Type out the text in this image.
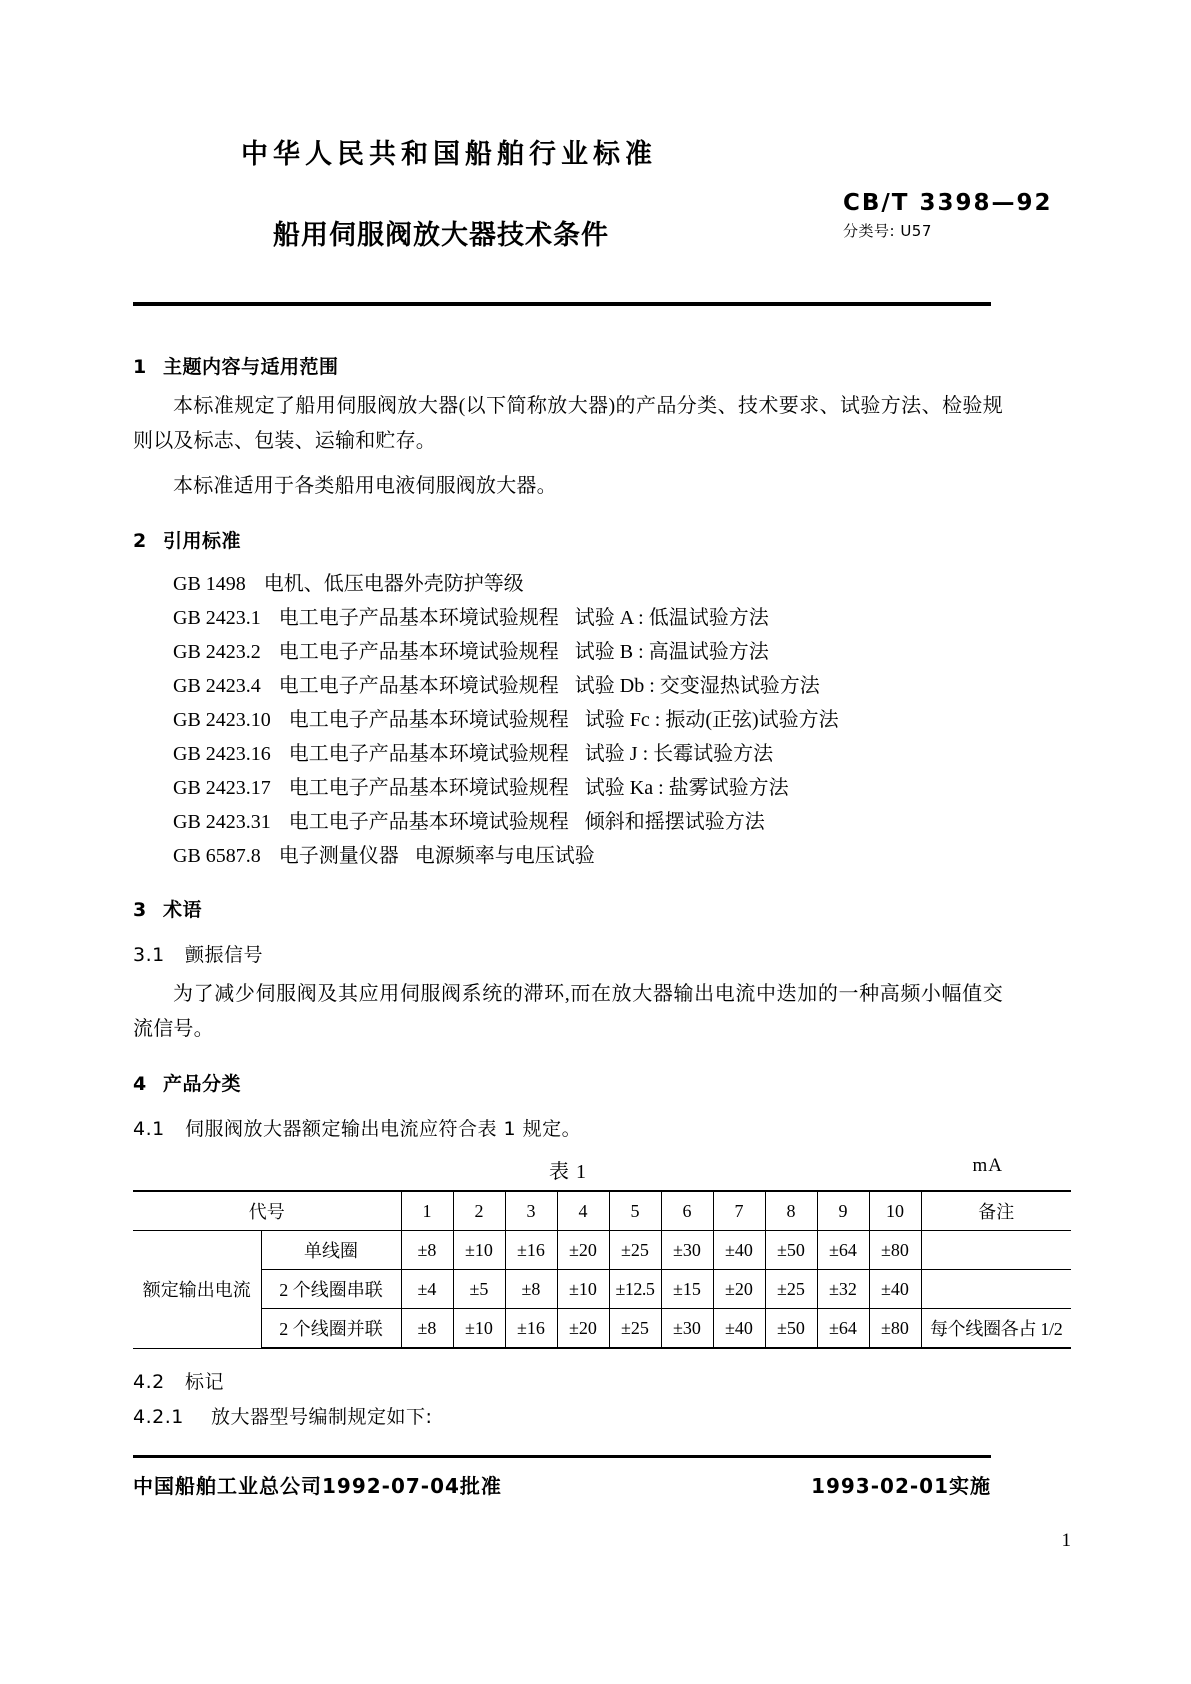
中华人民共和国船舶行业标准
CB/T 3398—92
分类号: U57
船用伺服阀放大器技术条件
1 主题内容与适用范围

本标准规定了船用伺服阀放大器(以下简称放大器)的产品分类、技术要求、试验方法、检验规则以及标志、包装、运输和贮存。

本标准适用于各类船用电液伺服阀放大器。

2 引用标准
GB 1498 电机、低压电器外壳防护等级
GB 2423.1 电工电子产品基本环境试验规程 试验 A : 低温试验方法
GB 2423.2 电工电子产品基本环境试验规程 试验 B : 高温试验方法
GB 2423.4 电工电子产品基本环境试验规程 试验 Db : 交变湿热试验方法
GB 2423.10 电工电子产品基本环境试验规程 试验 Fc : 振动(正弦)试验方法
GB 2423.16 电工电子产品基本环境试验规程 试验 J : 长霉试验方法
GB 2423.17 电工电子产品基本环境试验规程 试验 Ka : 盐雾试验方法
GB 2423.31 电工电子产品基本环境试验规程 倾斜和摇摆试验方法
GB 6587.8 电子测量仪器 电源频率与电压试验
3 术语
3.1 颤振信号

为了减少伺服阀及其应用伺服阀系统的滞环,而在放大器输出电流中迭加的一种高频小幅值交流信号。

4 产品分类
4.1 伺服阀放大器额定输出电流应符合表 1 规定。
表 1	mA
代号		1	2	3	4	5	6	7	8	9	10	备注
额定输出电流	单线圈	±8	±10	±16	±20	±25	±30	±40	±50	±64	±80	
	2 个线圈串联	±4	±5	±8	±10	±12.5	±15	±20	±25	±32	±40	
	2 个线圈并联	±8	±10	±16	±20	±25	±30	±40	±50	±64	±80	每个线圈各占 1/2
4.2 标记
4.2.1 放大器型号编制规定如下:
中国船舶工业总公司1992-07-04批准	1993-02-01实施
1
